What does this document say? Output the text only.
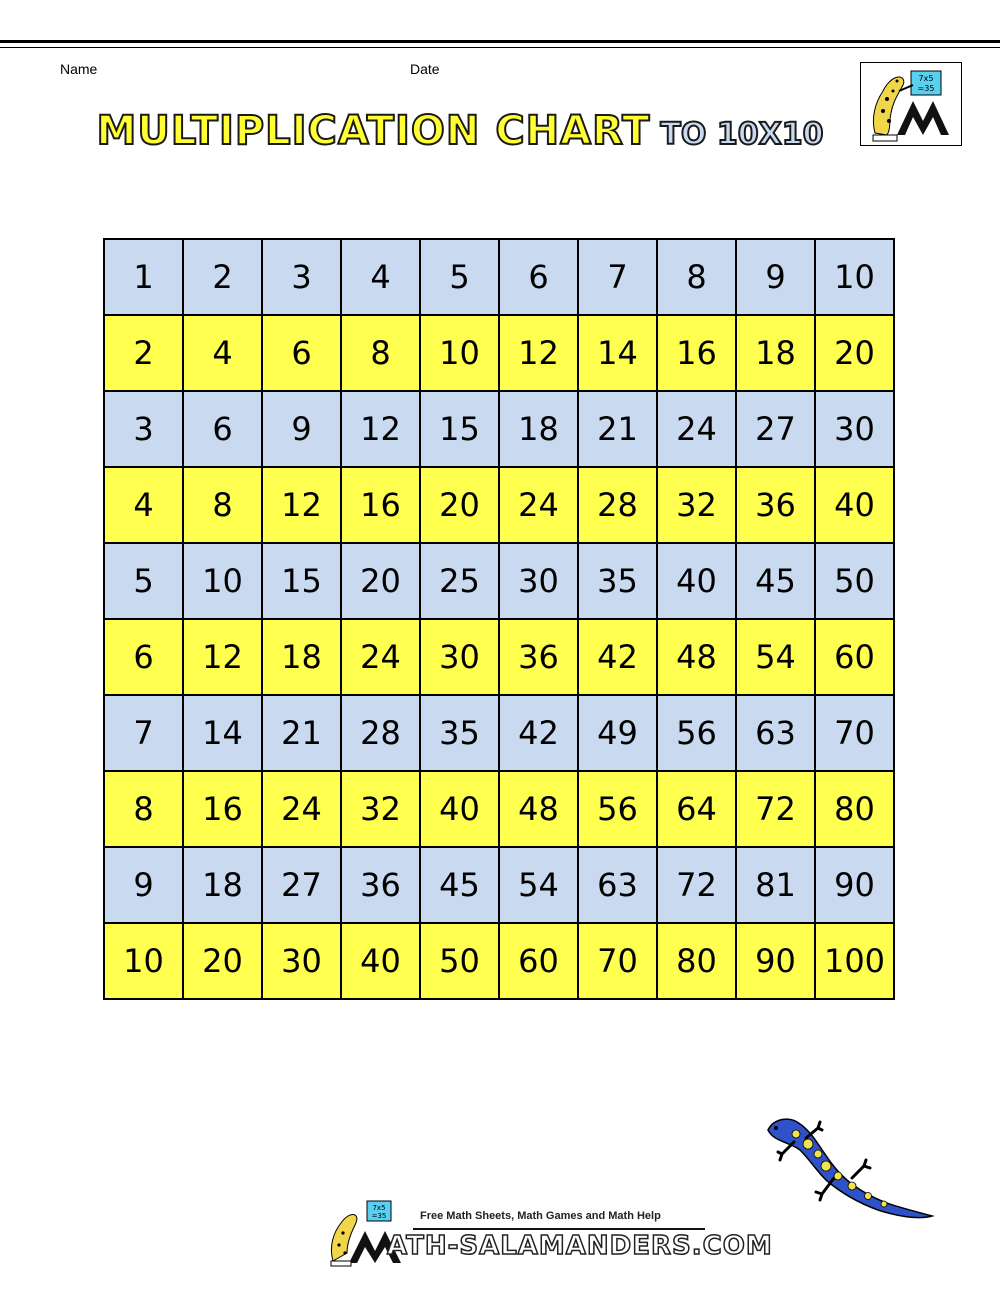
Name	Date
MULTIPLICATION CHART TO 10X10
7x5
=35
1	2	3	4	5	6	7	8	9	10
2	4	6	8	10	12	14	16	18	20
3	6	9	12	15	18	21	24	27	30
4	8	12	16	20	24	28	32	36	40
5	10	15	20	25	30	35	40	45	50
6	12	18	24	30	36	42	48	54	60
7	14	21	28	35	42	49	56	63	70
8	16	24	32	40	48	56	64	72	80
9	18	27	36	45	54	63	72	81	90
10	20	30	40	50	60	70	80	90	100
7x5
=35	Free Math Sheets, Math Games and Math Help
ATH-SALAMANDERS.COM
